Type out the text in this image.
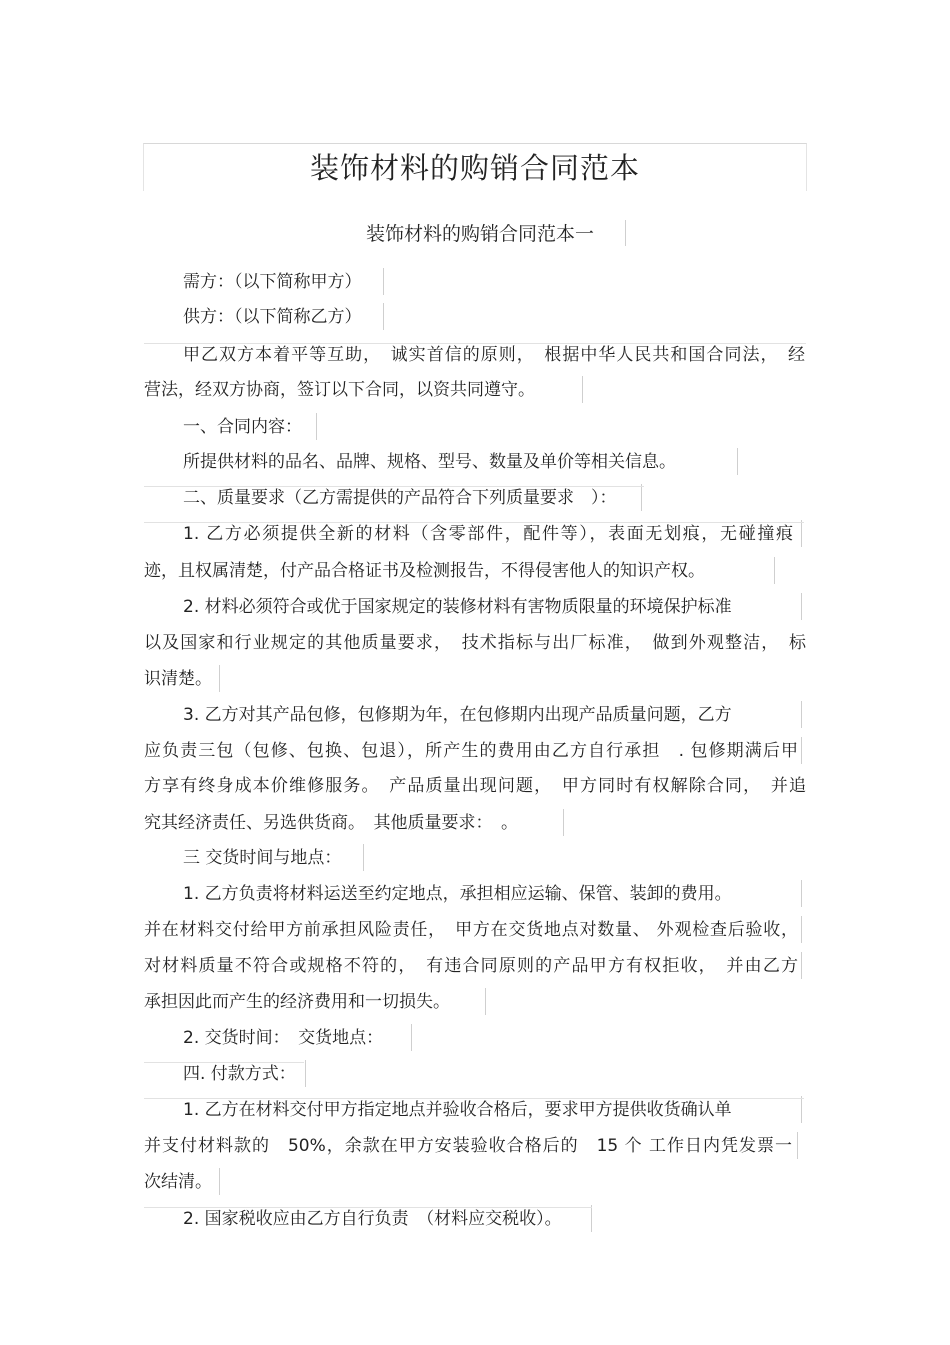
装饰材料的购销合同范本
装饰材料的购销合同范本一
需方：（以下简称甲方）
供方：（以下简称乙方）
甲乙双方本着平等互助，　诚实首信的原则，　根据中华人民共和国合同法，　经
营法，经双方协商，签订以下合同，以资共同遵守。
一、合同内容：
所提供材料的品名、品牌、规格、型号、数量及单价等相关信息。
二、质量要求（乙方需提供的产品符合下列质量要求　）：
1. 乙方必须提供全新的材料（含零部件，配件等），表面无划痕，无碰撞痕
迹，且权属清楚，付产品合格证书及检测报告，不得侵害他人的知识产权。
2. 材料必须符合或优于国家规定的装修材料有害物质限量的环境保护标准
以及国家和行业规定的其他质量要求，　技术指标与出厂标准，　做到外观整洁，　标
识清楚。
3. 乙方对其产品包修，包修期为年，在包修期内出现产品质量问题，乙方
应负责三包（包修、包换、包退），所产生的费用由乙方自行承担　. 包修期满后甲
方享有终身成本价维修服务。　产品质量出现问题，　甲方同时有权解除合同，　并追
究其经济责任、另选供货商。　其他质量要求：　。
三 交货时间与地点：
1. 乙方负责将材料运送至约定地点，承担相应运输、保管、装卸的费用。
并在材料交付给甲方前承担风险责任，　甲方在交货地点对数量、 外观检查后验收，
对材料质量不符合或规格不符的，　有违合同原则的产品甲方有权拒收，　并由乙方
承担因此而产生的经济费用和一切损失。
2. 交货时间：　交货地点：
四. 付款方式：
1. 乙方在材料交付甲方指定地点并验收合格后，要求甲方提供收货确认单
并支付材料款的　50%，余款在甲方安装验收合格后的　15 个 工作日内凭发票一
次结清。
2. 国家税收应由乙方自行负责　（材料应交税收）。
